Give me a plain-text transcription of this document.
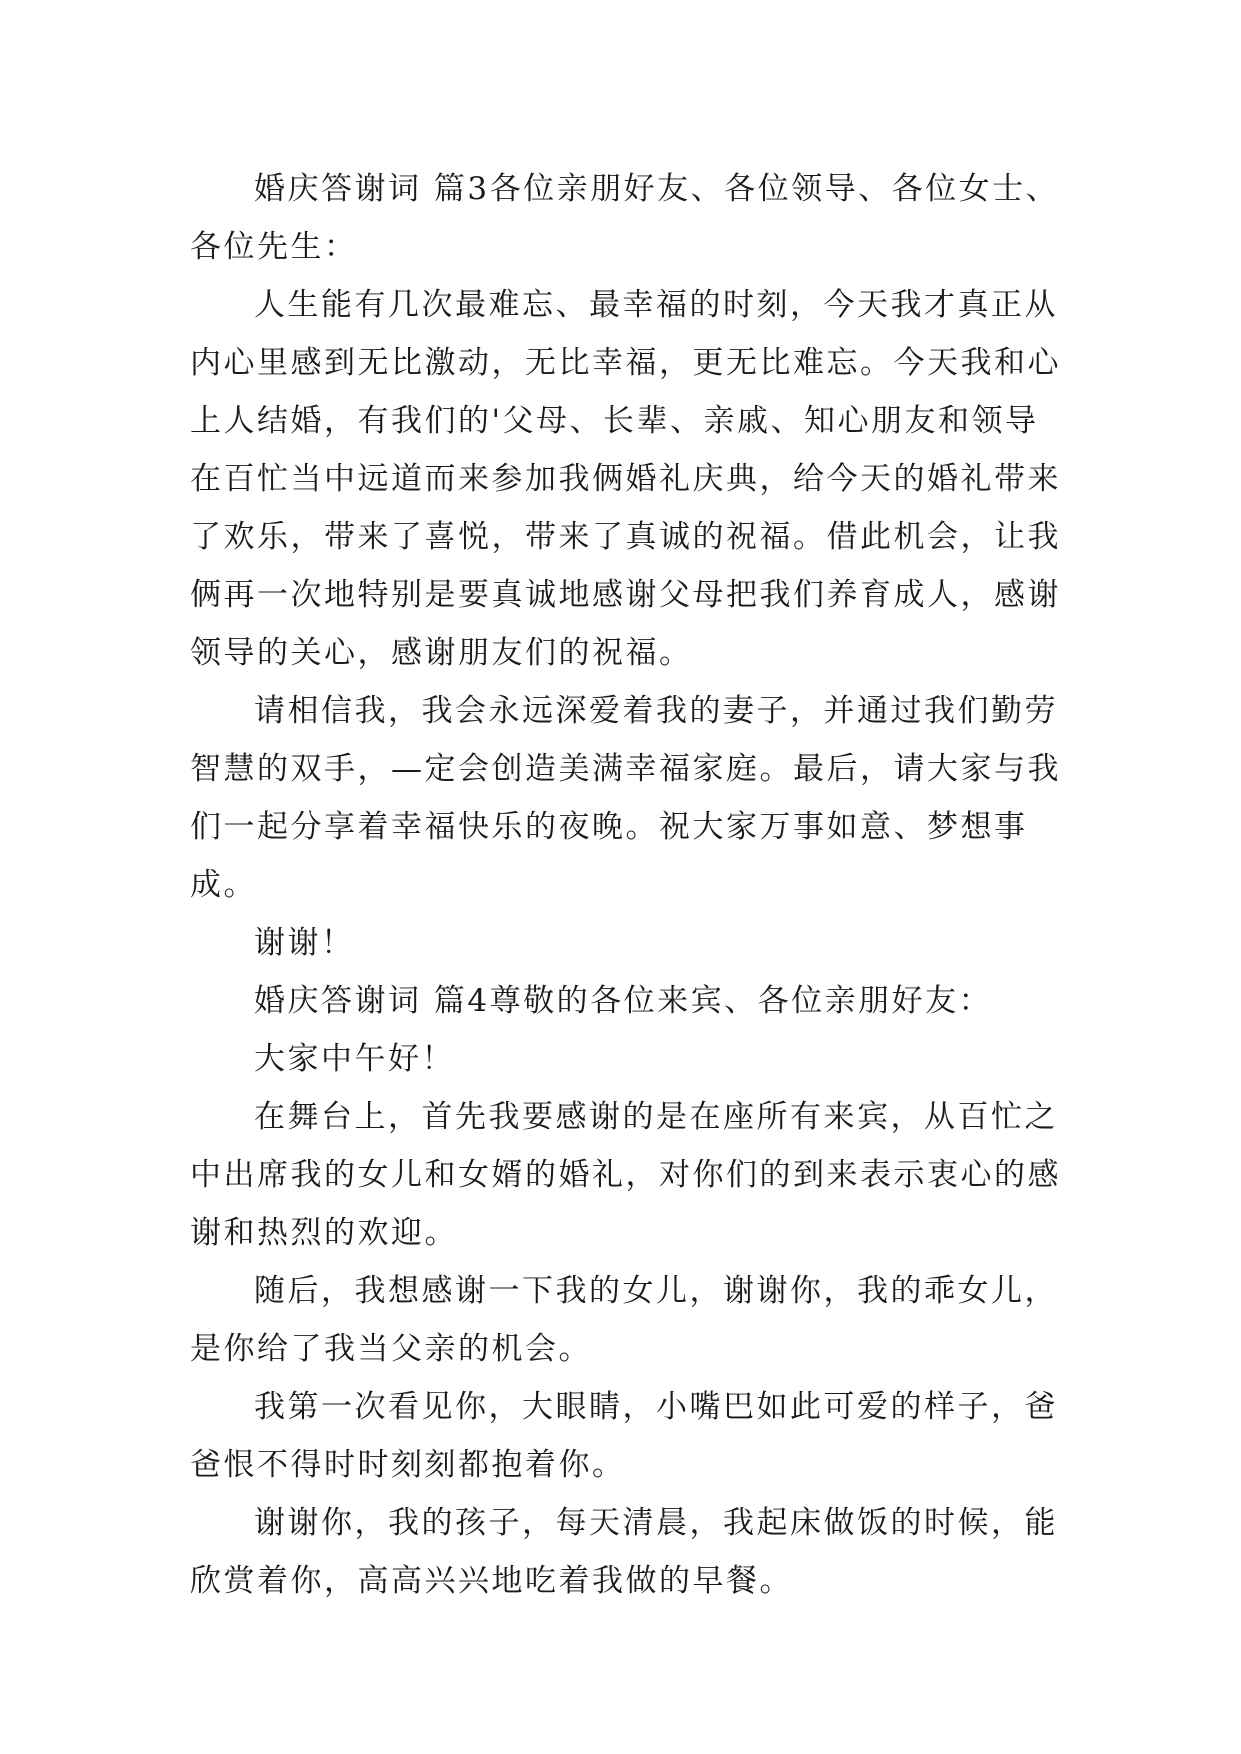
婚庆答谢词 篇3各位亲朋好友、各位领导、各位女士、各位先生：

人生能有几次最难忘、最幸福的时刻，今天我才真正从内心里感到无比激动，无比幸福，更无比难忘。今天我和心上人结婚，有我们的'父母、长辈、亲戚、知心朋友和领导在百忙当中远道而来参加我俩婚礼庆典，给今天的婚礼带来了欢乐，带来了喜悦，带来了真诚的祝福。借此机会，让我俩再一次地特别是要真诚地感谢父母把我们养育成人，感谢领导的关心，感谢朋友们的祝福。

请相信我，我会永远深爱着我的妻子，并通过我们勤劳智慧的双手，—定会创造美满幸福家庭。最后，请大家与我们一起分享着幸福快乐的夜晚。祝大家万事如意、梦想事成。

谢谢！

婚庆答谢词 篇4尊敬的各位来宾、各位亲朋好友：

大家中午好！

在舞台上，首先我要感谢的是在座所有来宾，从百忙之中出席我的女儿和女婿的婚礼，对你们的到来表示衷心的感谢和热烈的欢迎。

随后，我想感谢一下我的女儿，谢谢你，我的乖女儿，是你给了我当父亲的机会。

我第一次看见你，大眼睛，小嘴巴如此可爱的样子，爸爸恨不得时时刻刻都抱着你。

谢谢你，我的孩子，每天清晨，我起床做饭的时候，能欣赏着你，高高兴兴地吃着我做的早餐。
